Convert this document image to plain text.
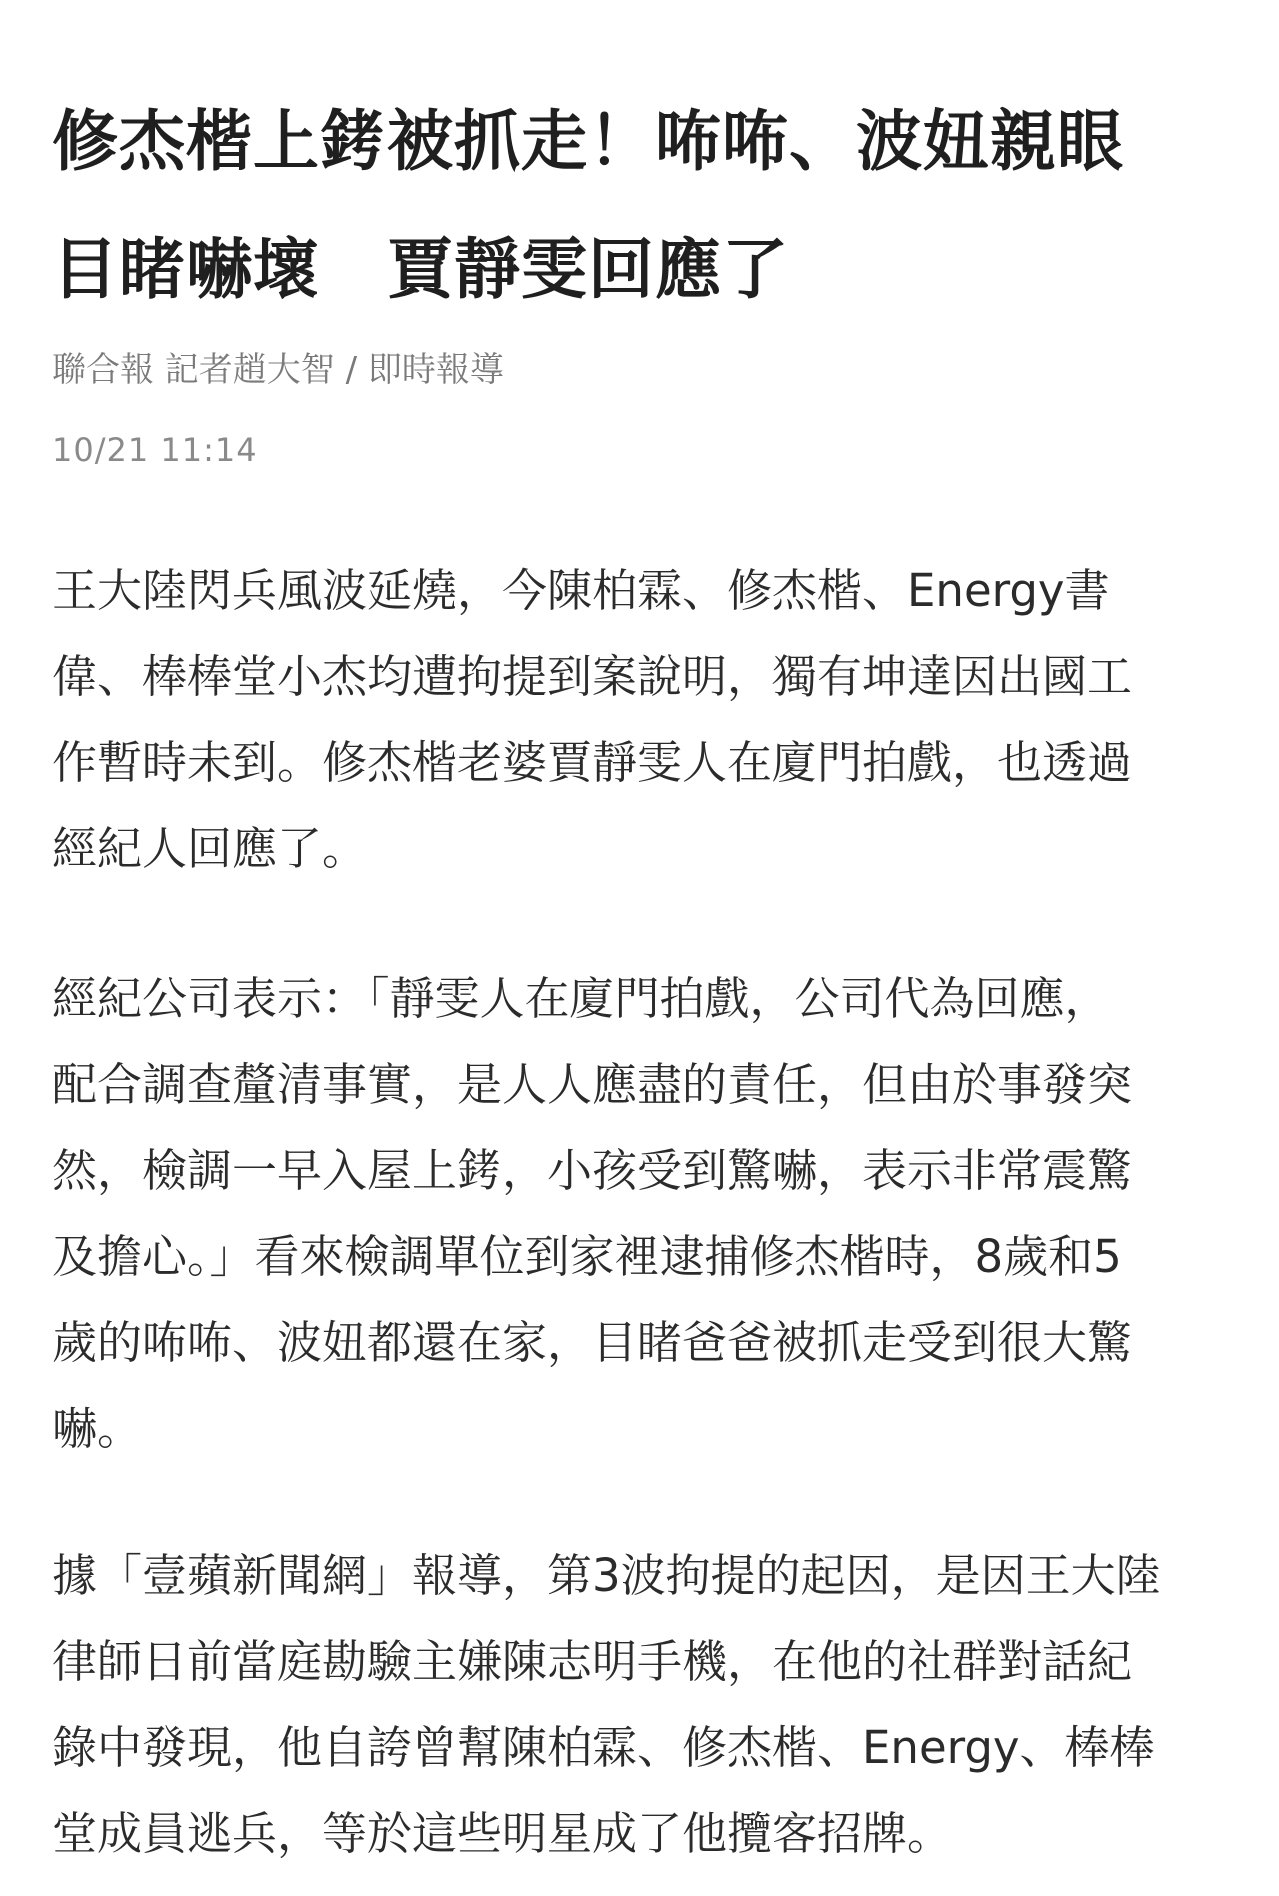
修杰楷上銬被抓走！咘咘、波妞親眼
目睹嚇壞　賈靜雯回應了
聯合報 記者趙大智 / 即時報導
10/21 11:14

王大陸閃兵風波延燒，今陳柏霖、修杰楷、Energy書
偉、棒棒堂小杰均遭拘提到案說明，獨有坤達因出國工
作暫時未到。修杰楷老婆賈靜雯人在廈門拍戲，也透過
經紀人回應了。

經紀公司表示：「靜雯人在廈門拍戲，公司代為回應，
配合調查釐清事實，是人人應盡的責任，但由於事發突
然，檢調一早入屋上銬，小孩受到驚嚇，表示非常震驚
及擔心。」看來檢調單位到家裡逮捕修杰楷時，8歲和5
歲的咘咘、波妞都還在家，目睹爸爸被抓走受到很大驚
嚇。

據「壹蘋新聞網」報導，第3波拘提的起因，是因王大陸
律師日前當庭勘驗主嫌陳志明手機，在他的社群對話紀
錄中發現，他自誇曾幫陳柏霖、修杰楷、Energy、棒棒
堂成員逃兵，等於這些明星成了他攬客招牌。
